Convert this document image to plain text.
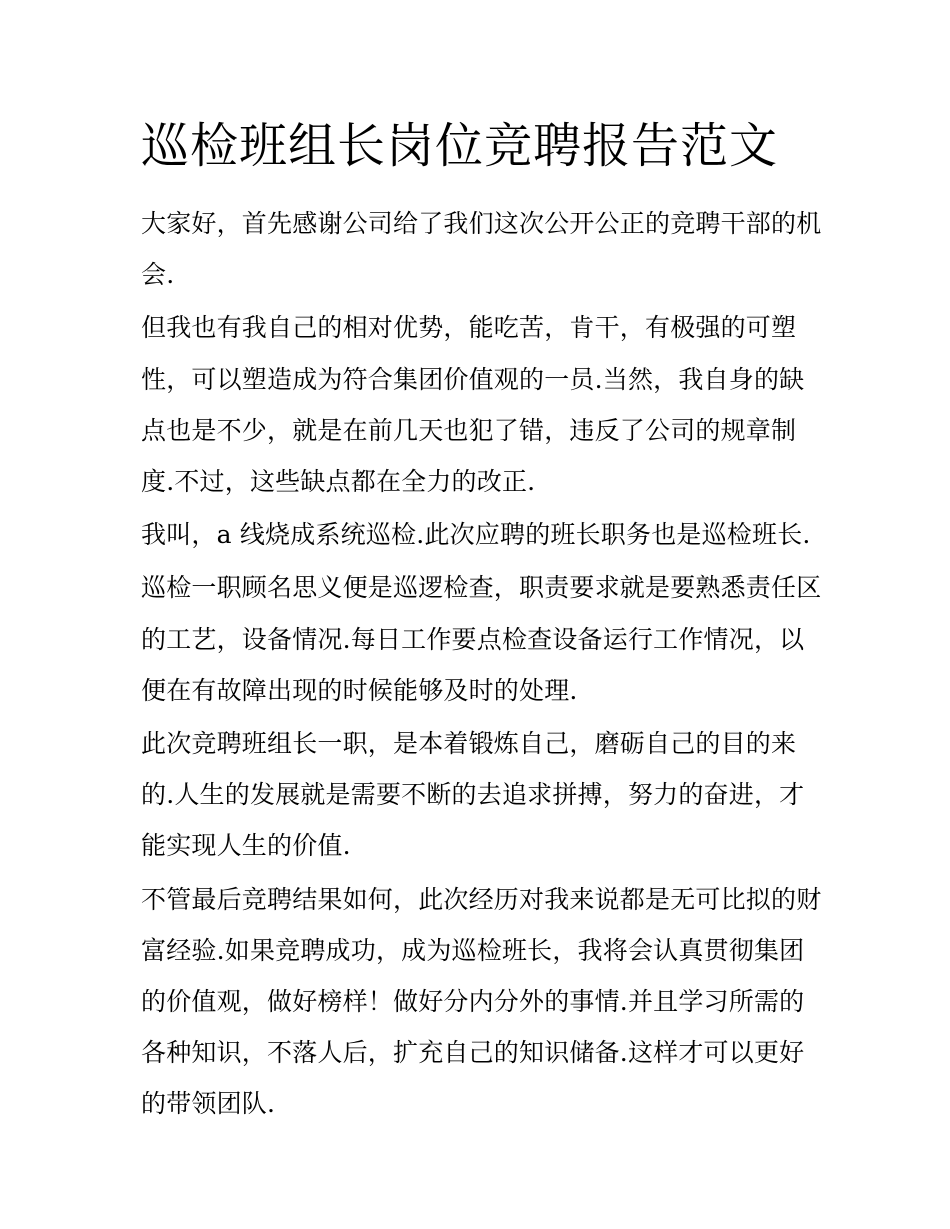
巡检班组长岗位竞聘报告范文

大家好，首先感谢公司给了我们这次公开公正的竞聘干部的机
会.

但我也有我自己的相对优势，能吃苦，肯干，有极强的可塑
性，可以塑造成为符合集团价值观的一员.当然，我自身的缺
点也是不少，就是在前几天也犯了错，违反了公司的规章制
度.不过，这些缺点都在全力的改正.

我叫，a 线烧成系统巡检.此次应聘的班长职务也是巡检班长.

巡检一职顾名思义便是巡逻检查，职责要求就是要熟悉责任区
的工艺，设备情况.每日工作要点检查设备运行工作情况，以
便在有故障出现的时候能够及时的处理.

此次竞聘班组长一职，是本着锻炼自己，磨砺自己的目的来
的.人生的发展就是需要不断的去追求拼搏，努力的奋进，才
能实现人生的价值.

不管最后竞聘结果如何，此次经历对我来说都是无可比拟的财
富经验.如果竞聘成功，成为巡检班长，我将会认真贯彻集团
的价值观，做好榜样！做好分内分外的事情.并且学习所需的
各种知识，不落人后，扩充自己的知识储备.这样才可以更好
的带领团队.
